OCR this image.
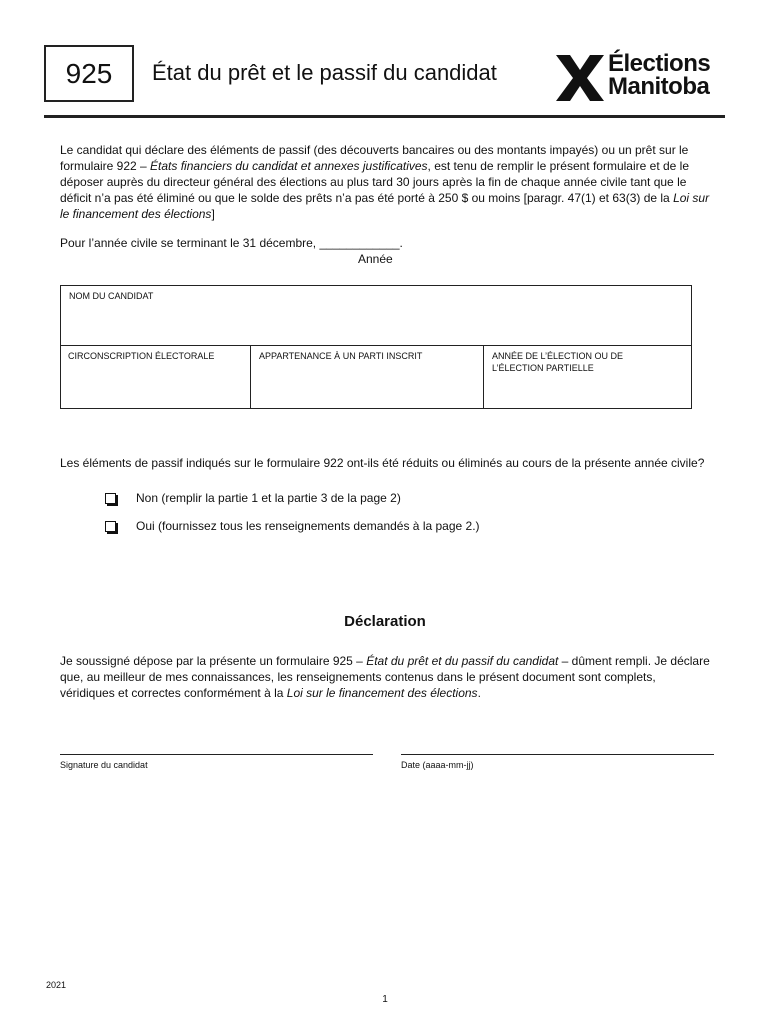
925 État du prêt et le passif du candidat	Élections
Manitoba
Le candidat qui déclare des éléments de passif (des découverts bancaires ou des montants impayés) ou un prêt sur le formulaire 922 – États financiers du candidat et annexes justificatives, est tenu de remplir le présent formulaire et de le déposer auprès du directeur général des élections au plus tard 30 jours après la fin de chaque année civile tant que le déficit n’a pas été éliminé ou que le solde des prêts n’a pas été porté à 250 $ ou moins [paragr. 47(1) et 63(3) de la Loi sur le financement des élections]
Pour l’année civile se terminant le 31 décembre, ____________.
Année
NOM DU CANDIDAT
CIRCONSCRIPTION ÉLECTORALE	APPARTENANCE À UN PARTI INSCRIT	ANNÉE DE L’ÉLECTION OU DE L’ÉLECTION PARTIELLE
Les éléments de passif indiqués sur le formulaire 922 ont-ils été réduits ou éliminés au cours de la présente année civile?
Non (remplir la partie 1 et la partie 3 de la page 2)
Oui (fournissez tous les renseignements demandés à la page 2.)
Déclaration
Je soussigné dépose par la présente un formulaire 925 – État du prêt et du passif du candidat – dûment rempli. Je déclare que, au meilleur de mes connaissances, les renseignements contenus dans le présent document sont complets, véridiques et correctes conformément à la Loi sur le financement des élections.
Signature du candidat	Date (aaaa-mm-jj)
2021
1
